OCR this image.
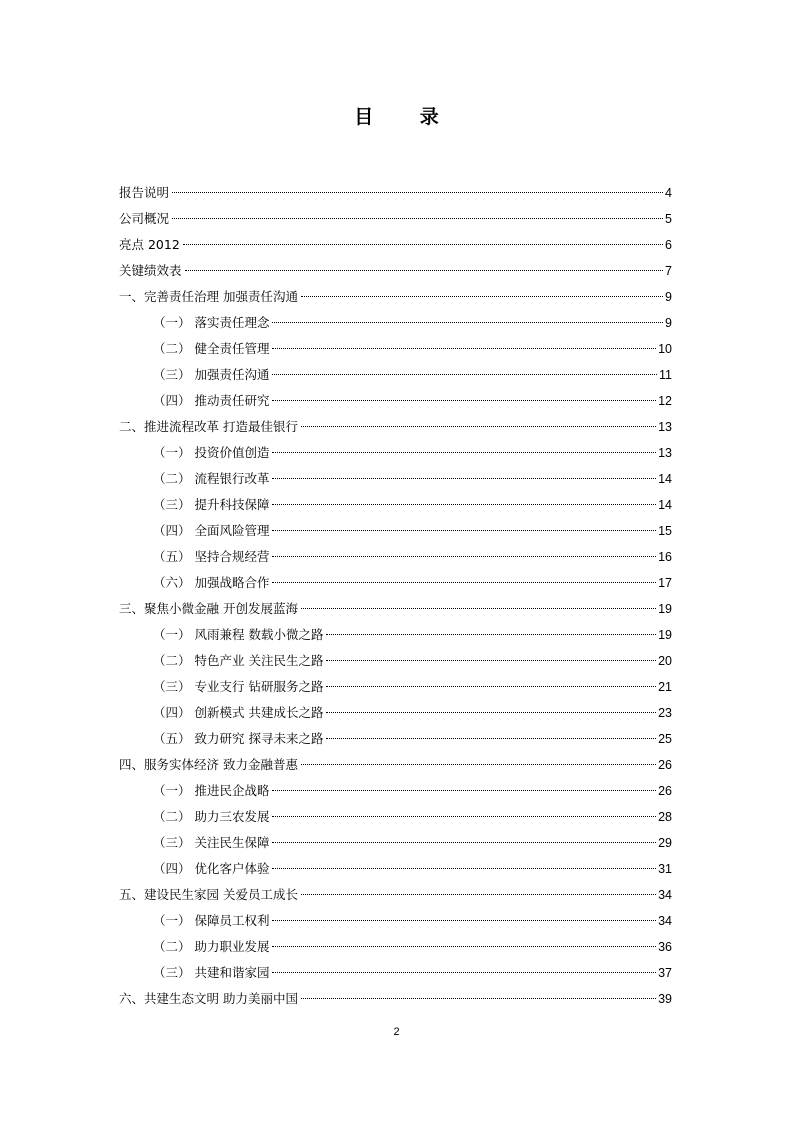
目 录
报告说明	4
公司概况	5
亮点 2012	6
关键绩效表	7
一、完善责任治理 加强责任沟通	9
（一） 落实责任理念	9
（二） 健全责任管理	10
（三） 加强责任沟通	11
（四） 推动责任研究	12
二、推进流程改革 打造最佳银行	13
（一） 投资价值创造	13
（二） 流程银行改革	14
（三） 提升科技保障	14
（四） 全面风险管理	15
（五） 坚持合规经营	16
（六） 加强战略合作	17
三、聚焦小微金融 开创发展蓝海	19
（一） 风雨兼程 数载小微之路	19
（二） 特色产业 关注民生之路	20
（三） 专业支行 钻研服务之路	21
（四） 创新模式 共建成长之路	23
（五） 致力研究 探寻未来之路	25
四、服务实体经济 致力金融普惠	26
（一） 推进民企战略	26
（二） 助力三农发展	28
（三） 关注民生保障	29
（四） 优化客户体验	31
五、建设民生家园 关爱员工成长	34
（一） 保障员工权利	34
（二） 助力职业发展	36
（三） 共建和谐家园	37
六、共建生态文明 助力美丽中国	39
2
